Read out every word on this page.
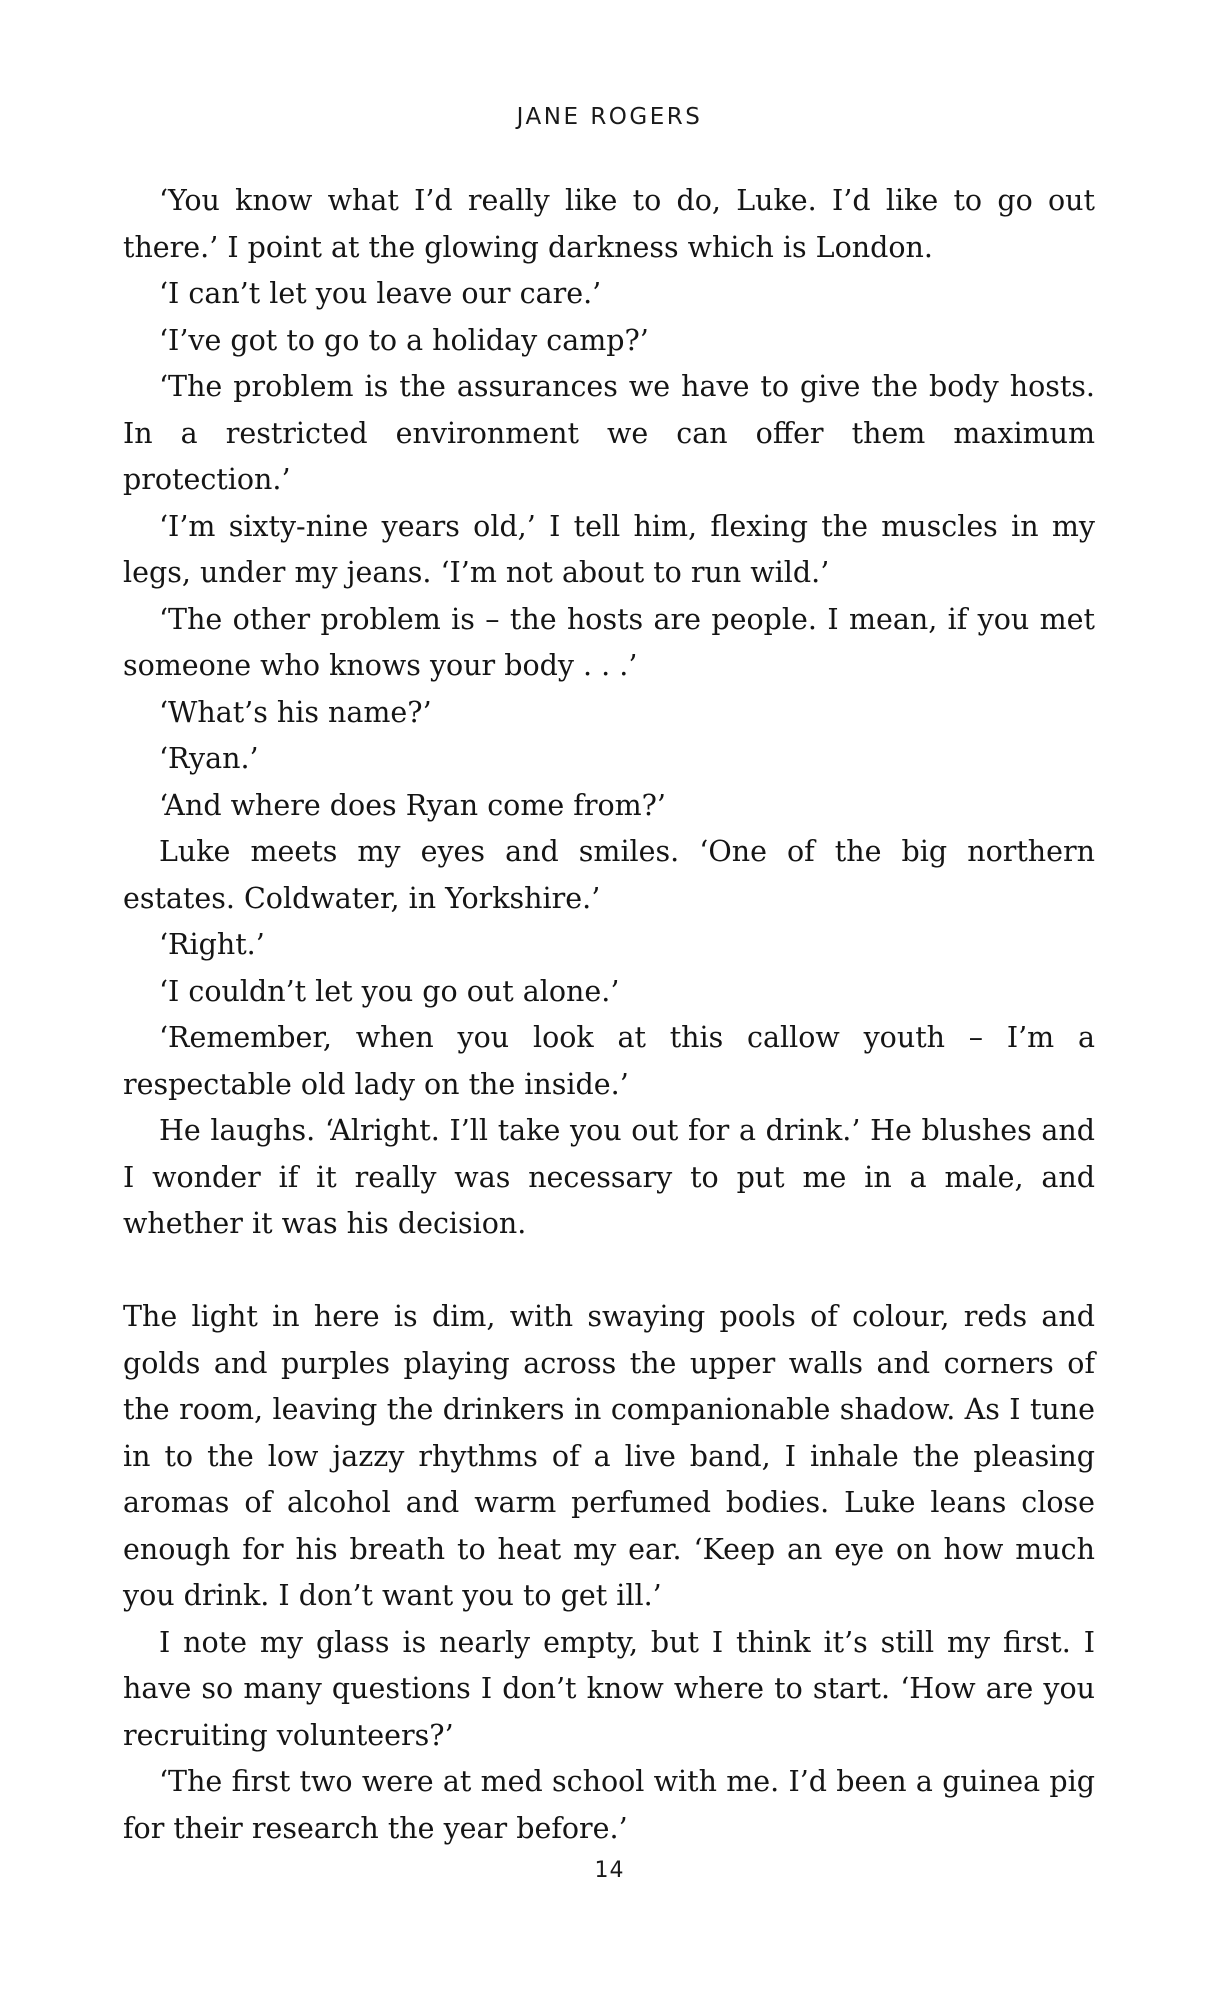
JANE ROGERS

‘You know what I’d really like to do, Luke. I’d like to go out there.’ I point at the glowing darkness which is London.

‘I can’t let you leave our care.’

‘I’ve got to go to a holiday camp?’

‘The problem is the assurances we have to give the body hosts. In a restricted environment we can offer them maximum protection.’

‘I’m sixty-nine years old,’ I tell him, flexing the muscles in my legs, under my jeans. ‘I’m not about to run wild.’

‘The other problem is – the hosts are people. I mean, if you met someone who knows your body . . .’

‘What’s his name?’

‘Ryan.’

‘And where does Ryan come from?’

Luke meets my eyes and smiles. ‘One of the big northern estates. Coldwater, in Yorkshire.’

‘Right.’

‘I couldn’t let you go out alone.’

‘Remember, when you look at this callow youth – I’m a respectable old lady on the inside.’

He laughs. ‘Alright. I’ll take you out for a drink.’ He blushes and I wonder if it really was necessary to put me in a male, and whether it was his decision.

The light in here is dim, with swaying pools of colour, reds and golds and purples playing across the upper walls and corners of the room, leaving the drinkers in companionable shadow. As I tune in to the low jazzy rhythms of a live band, I inhale the pleasing aromas of alcohol and warm perfumed bodies. Luke leans close enough for his breath to heat my ear. ‘Keep an eye on how much you drink. I don’t want you to get ill.’

I note my glass is nearly empty, but I think it’s still my first. I have so many questions I don’t know where to start. ‘How are you recruiting volunteers?’

‘The first two were at med school with me. I’d been a guinea pig for their research the year before.’

14
